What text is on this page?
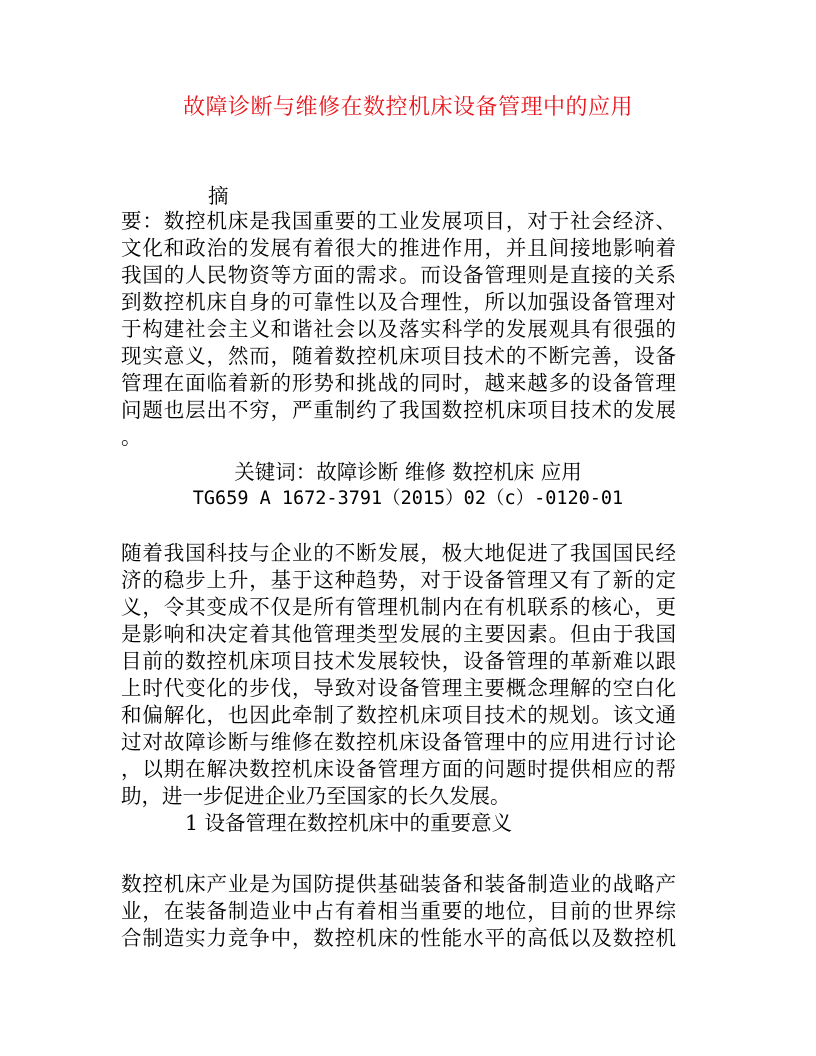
故障诊断与维修在数控机床设备管理中的应用
摘
要：数控机床是我国重要的工业发展项目，对于社会经济、
文化和政治的发展有着很大的推进作用，并且间接地影响着
我国的人民物资等方面的需求。而设备管理则是直接的关系
到数控机床自身的可靠性以及合理性，所以加强设备管理对
于构建社会主义和谐社会以及落实科学的发展观具有很强的
现实意义，然而，随着数控机床项目技术的不断完善，设备
管理在面临着新的形势和挑战的同时，越来越多的设备管理
问题也层出不穷，严重制约了我国数控机床项目技术的发展
。
关键词：故障诊断 维修 数控机床 应用
TG659 A 1672-3791（2015）02（c）-0120-01
随着我国科技与企业的不断发展，极大地促进了我国国民经
济的稳步上升，基于这种趋势，对于设备管理又有了新的定
义，令其变成不仅是所有管理机制内在有机联系的核心，更
是影响和决定着其他管理类型发展的主要因素。但由于我国
目前的数控机床项目技术发展较快，设备管理的革新难以跟
上时代变化的步伐，导致对设备管理主要概念理解的空白化
和偏解化，也因此牵制了数控机床项目技术的规划。该文通
过对故障诊断与维修在数控机床设备管理中的应用进行讨论
，以期在解决数控机床设备管理方面的问题时提供相应的帮
助，进一步促进企业乃至国家的长久发展。
1 设备管理在数控机床中的重要意义
数控机床产业是为国防提供基础装备和装备制造业的战略产
业，在装备制造业中占有着相当重要的地位，目前的世界综
合制造实力竞争中，数控机床的性能水平的高低以及数控机
